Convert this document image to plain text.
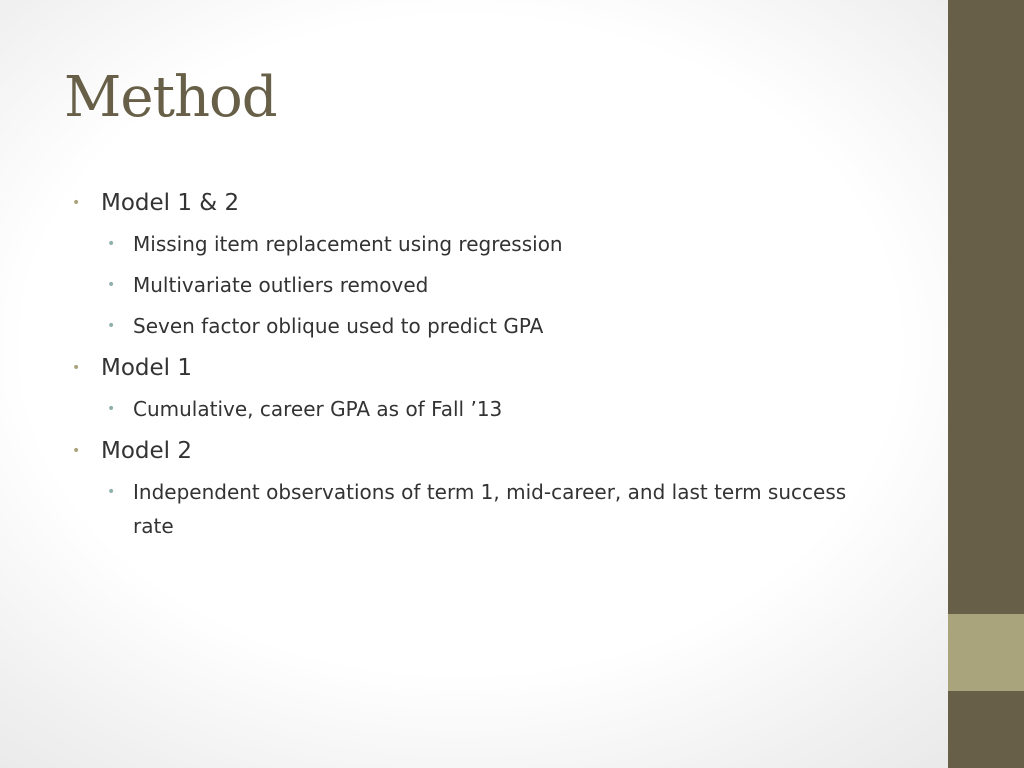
Method
• Model 1 & 2
• Missing item replacement using regression
• Multivariate outliers removed
• Seven factor oblique used to predict GPA
• Model 1
• Cumulative, career GPA as of Fall ’13
• Model 2
• Independent observations of term 1, mid-career, and last term success rate
